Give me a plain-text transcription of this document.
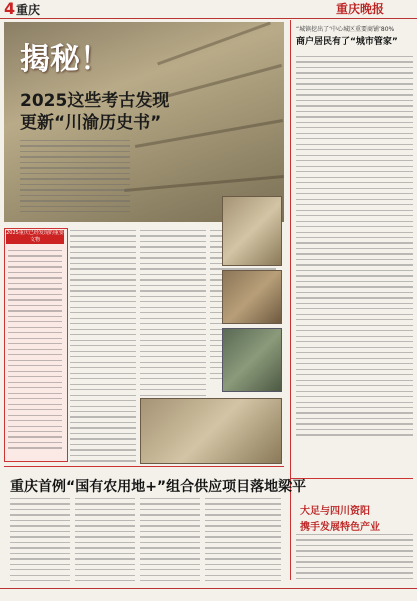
4 重庆	重庆晚报
揭秘！
2025这些考古发现
更新“川渝历史书”
2025重庆已经发现的重要文物
“城镇挖出了‘中心城区重要商铺’80%
商户居民有了“城市管家”
重庆首例“国有农用地+”组合供应项目落地梁平
大足与四川资阳
携手发展特色产业
